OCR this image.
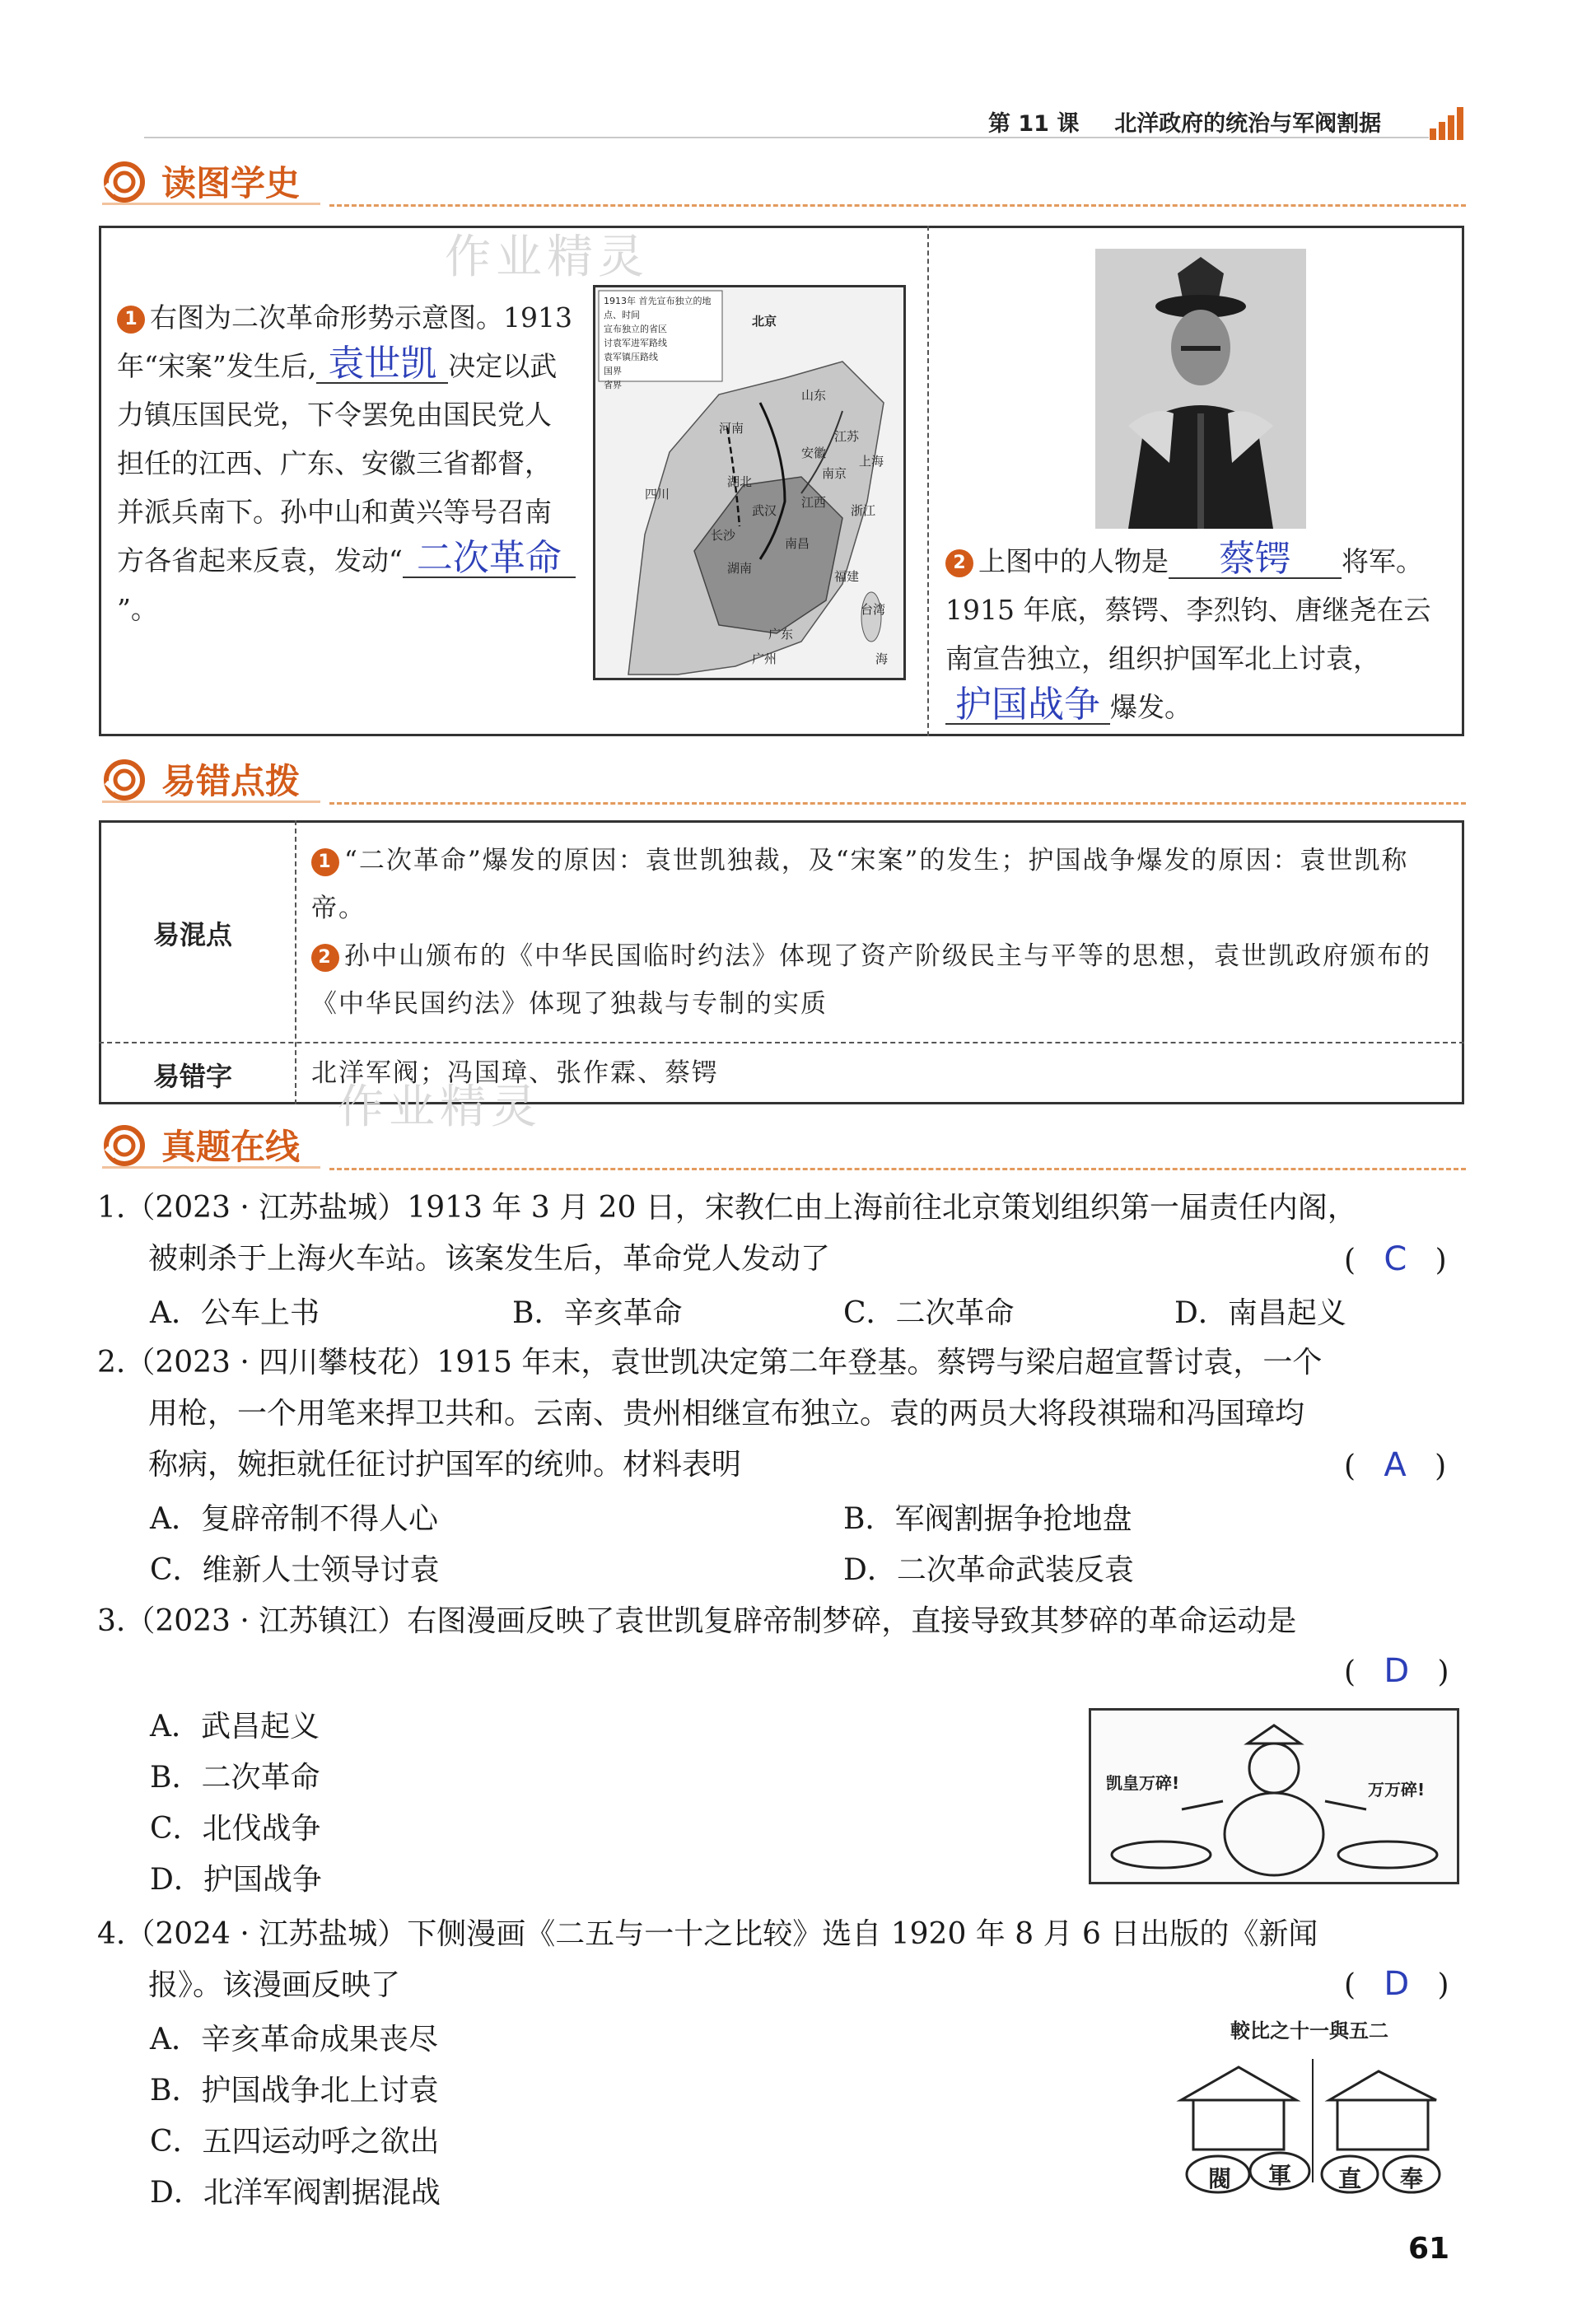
第 11 课 北洋政府的统治与军阀割据
读图学史
作业精灵
1 右图为二次革命形势示意图。1913 年“宋案”发生后, 袁世凯 决定以武力镇压国民党，下令罢免由国民党人担任的江西、广东、安徽三省都督，并派兵南下。孙中山和黄兴等号召南方各省起来反袁，发动“ 二次革命”。
1913年 首先宣布独立的地点、时间
宣布独立的省区
讨袁军进军路线
袁军镇压路线
国界
省界
北京
江西
湖北
湖南
四川
广东
福建
浙江
安徽
江苏
河南
山东
台湾
长沙
武汉
南京
南昌
上海
广州	海
2 上图中的人物是 蔡锷 将军。1915 年底，蔡锷、李烈钧、唐继尧在云南宣告独立，组织护国军北上讨袁，护国战争 爆发。
易错点拨
易混点
1 “二次革命”爆发的原因：袁世凯独裁，及“宋案”的发生；护国战争爆发的原因：袁世凯称帝。
2 孙中山颁布的《中华民国临时约法》体现了资产阶级民主与平等的思想，袁世凯政府颁布的《中华民国约法》体现了独裁与专制的实质
易错字	北洋军阀；冯国璋、张作霖、蔡锷
真题在线
作业精灵
1.（2023 · 江苏盐城）1913 年 3 月 20 日，宋教仁由上海前往北京策划组织第一届责任内阁，
被刺杀于上海火车站。该案发生后，革命党人发动了	(   C   )
A．公车上书	B．辛亥革命	C．二次革命	D．南昌起义
2.（2023 · 四川攀枝花）1915 年末，袁世凯决定第二年登基。蔡锷与梁启超宣誓讨袁，一个
用枪，一个用笔来捍卫共和。云南、贵州相继宣布独立。袁的两员大将段祺瑞和冯国璋均
称病，婉拒就任征讨护国军的统帅。材料表明	(   A   )
A．复辟帝制不得人心	B．军阀割据争抢地盘
C．维新人士领导讨袁	D．二次革命武装反袁
3.（2023 · 江苏镇江）右图漫画反映了袁世凯复辟帝制梦碎，直接导致其梦碎的革命运动是
(   D   )
A．武昌起义
B．二次革命
C．北伐战争
D．护国战争
凯皇万碎!	万万碎!
4.（2024 · 江苏盐城）下侧漫画《二五与一十之比较》选自 1920 年 8 月 6 日出版的《新闻
报》。该漫画反映了	(   D   )
A．辛亥革命成果丧尽
B．护国战争北上讨袁
C．五四运动呼之欲出
D．北洋军阀割据混战
較比之十一與五二
閥 軍 直 奉
61
